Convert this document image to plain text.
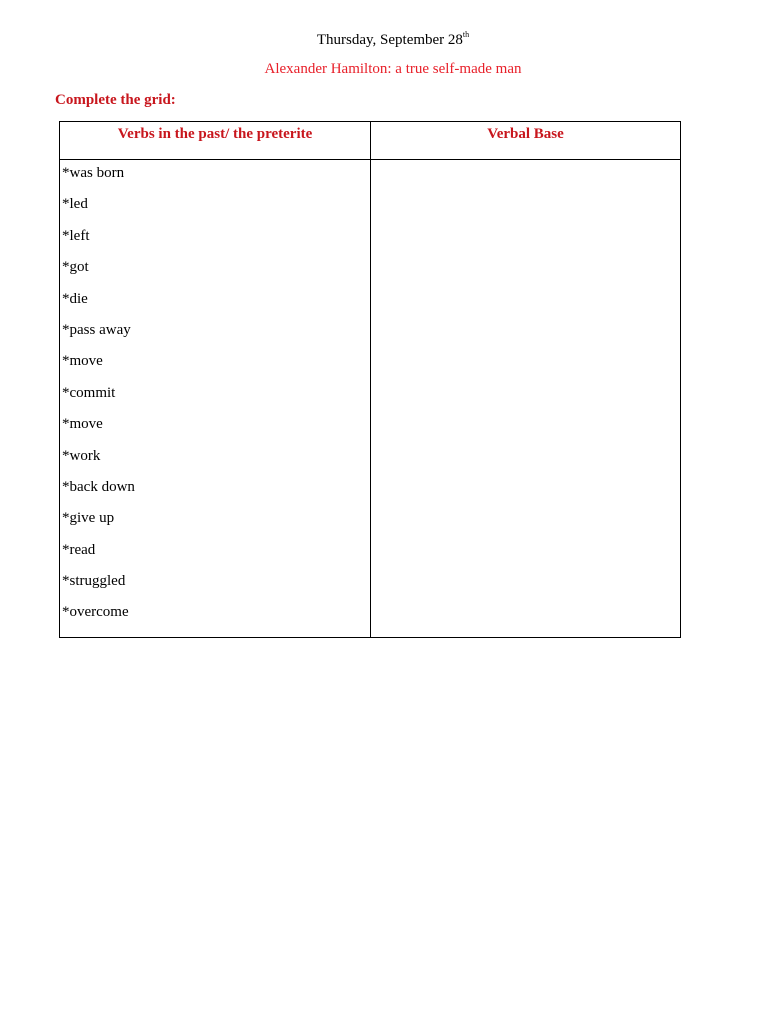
Thursday, September 28th
Alexander Hamilton: a true self-made man
Complete the grid:
Verbs in the past/ the preterite	Verbal Base
*was born
*led
*left
*got
*die
*pass away
*move
*commit
*move
*work
*back down
*give up
*read
*struggled
*overcome
